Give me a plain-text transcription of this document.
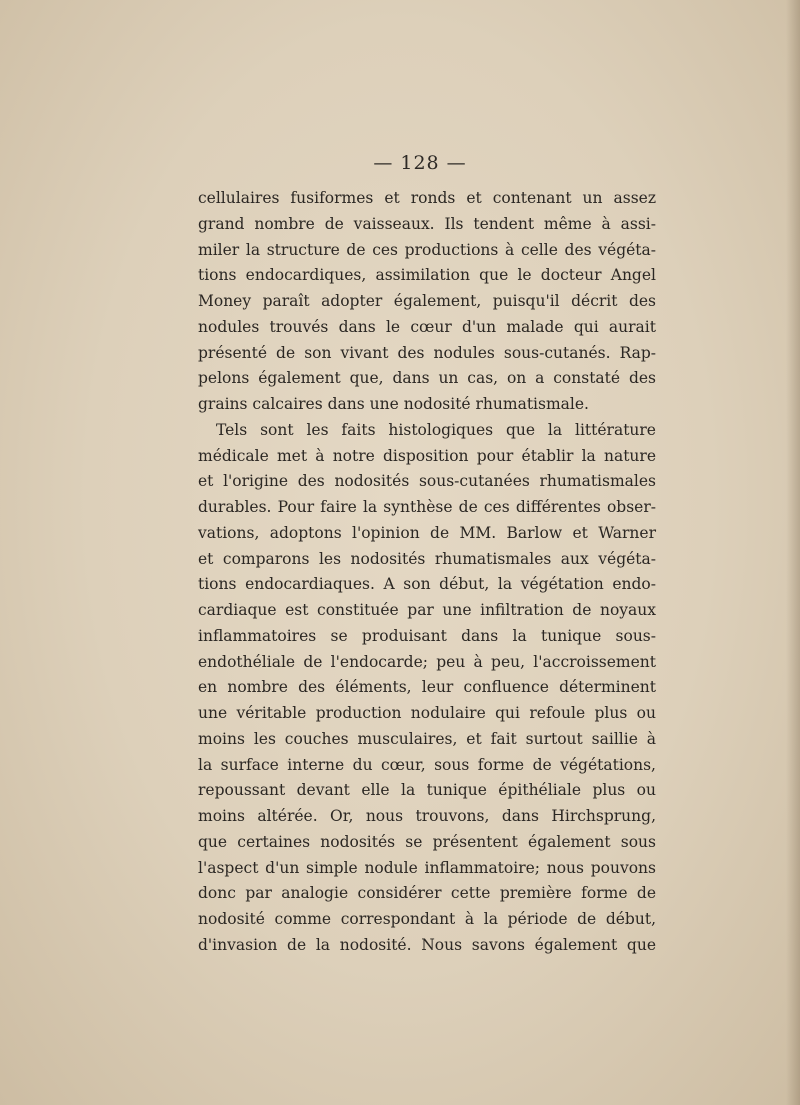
— 128 —
cellulaires fusiformes et ronds et contenant un assez
grand nombre de vaisseaux. Ils tendent même à assi-
miler la structure de ces productions à celle des végéta-
tions endocardiques, assimilation que le docteur Angel
Money paraît adopter également, puisqu'il décrit des
nodules trouvés dans le cœur d'un malade qui aurait
présenté de son vivant des nodules sous-cutanés. Rap-
pelons également que, dans un cas, on a constaté des
grains calcaires dans une nodosité rhumatismale.
Tels sont les faits histologiques que la littérature
médicale met à notre disposition pour établir la nature
et l'origine des nodosités sous-cutanées rhumatismales
durables. Pour faire la synthèse de ces différentes obser-
vations, adoptons l'opinion de MM. Barlow et Warner
et comparons les nodosités rhumatismales aux végéta-
tions endocardiaques. A son début, la végétation endo-
cardiaque est constituée par une infiltration de noyaux
inflammatoires se produisant dans la tunique sous-
endothéliale de l'endocarde; peu à peu, l'accroissement
en nombre des éléments, leur confluence déterminent
une véritable production nodulaire qui refoule plus ou
moins les couches musculaires, et fait surtout saillie à
la surface interne du cœur, sous forme de végétations,
repoussant devant elle la tunique épithéliale plus ou
moins altérée. Or, nous trouvons, dans Hirchsprung,
que certaines nodosités se présentent également sous
l'aspect d'un simple nodule inflammatoire; nous pouvons
donc par analogie considérer cette première forme de
nodosité comme correspondant à la période de début,
d'invasion de la nodosité. Nous savons également que
